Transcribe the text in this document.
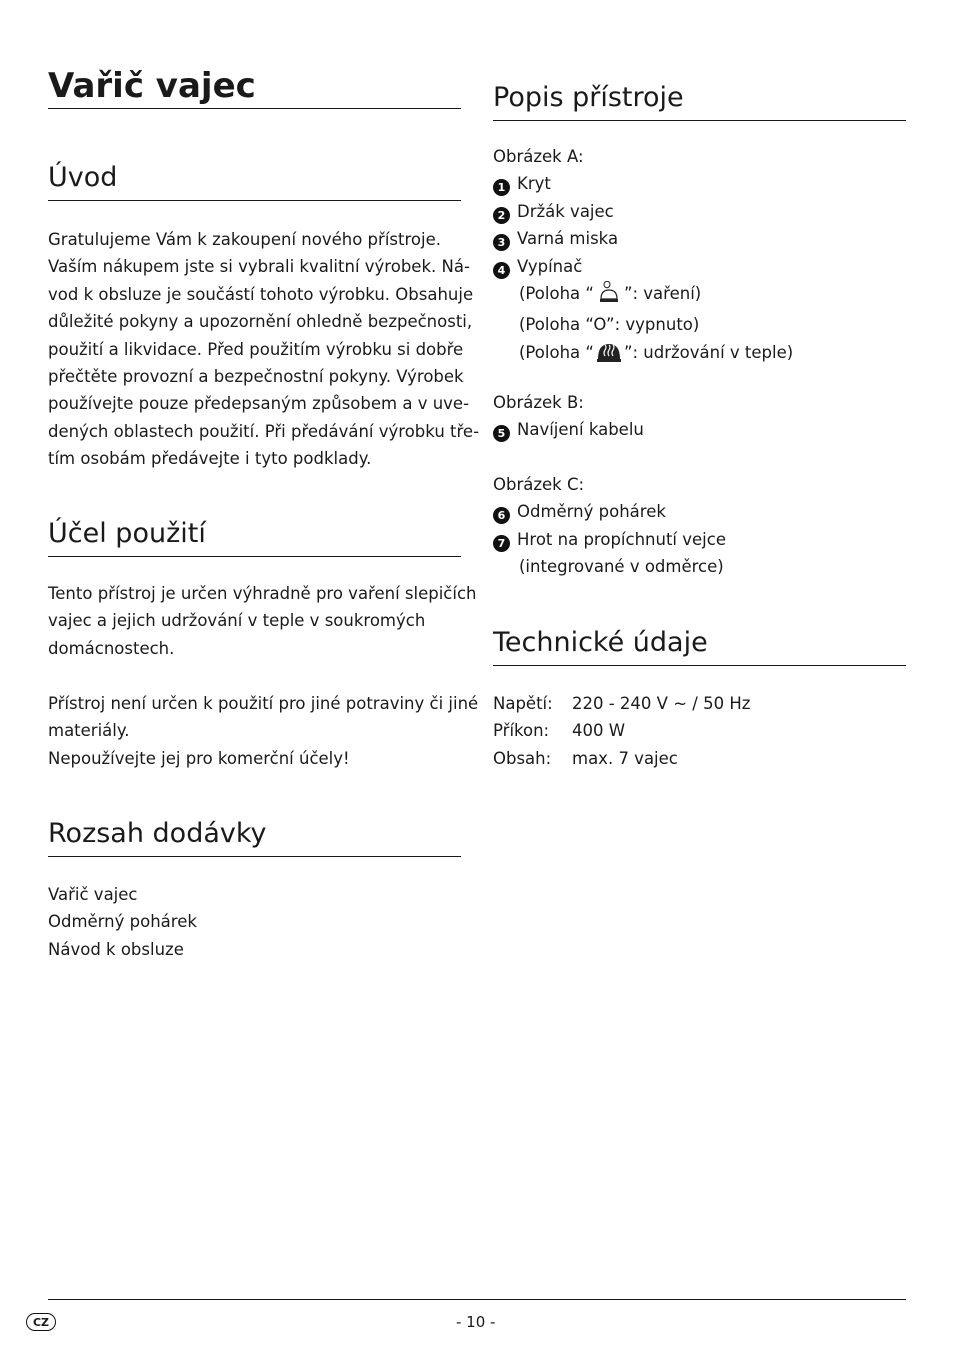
Vařič vajec
Úvod
Gratulujeme Vám k zakoupení nového přístroje.
Vaším nákupem jste si vybrali kvalitní výrobek. Ná-
vod k obsluze je součástí tohoto výrobku. Obsahuje
důležité pokyny a upozornění ohledně bezpečnosti,
použití a likvidace. Před použitím výrobku si dobře
přečtěte provozní a bezpečnostní pokyny. Výrobek
používejte pouze předepsaným způsobem a v uve-
dených oblastech použití. Při předávání výrobku tře-
tím osobám předávejte i tyto podklady.
Účel použití
Tento přístroj je určen výhradně pro vaření slepičích
vajec a jejich udržování v teple v soukromých
domácnostech.
Přístroj není určen k použití pro jiné potraviny či jiné
materiály.
Nepoužívejte jej pro komerční účely!
Rozsah dodávky
Vařič vajec
Odměrný pohárek
Návod k obsluze
Popis přístroje
Obrázek A:
1 Kryt
2 Držák vajec
3 Varná miska
4 Vypínač
(Poloha “ ”: vaření)
(Poloha “O”: vypnuto)
(Poloha “ ”: udržování v teple)
Obrázek B:
5 Navíjení kabelu
Obrázek C:
6 Odměrný pohárek
7 Hrot na propíchnutí vejce
(integrované v odměrce)
Technické údaje
Napětí:	220 - 240 V ~ / 50 Hz
Příkon:	400 W
Obsah:	max. 7 vajec
CZ	- 10 -
